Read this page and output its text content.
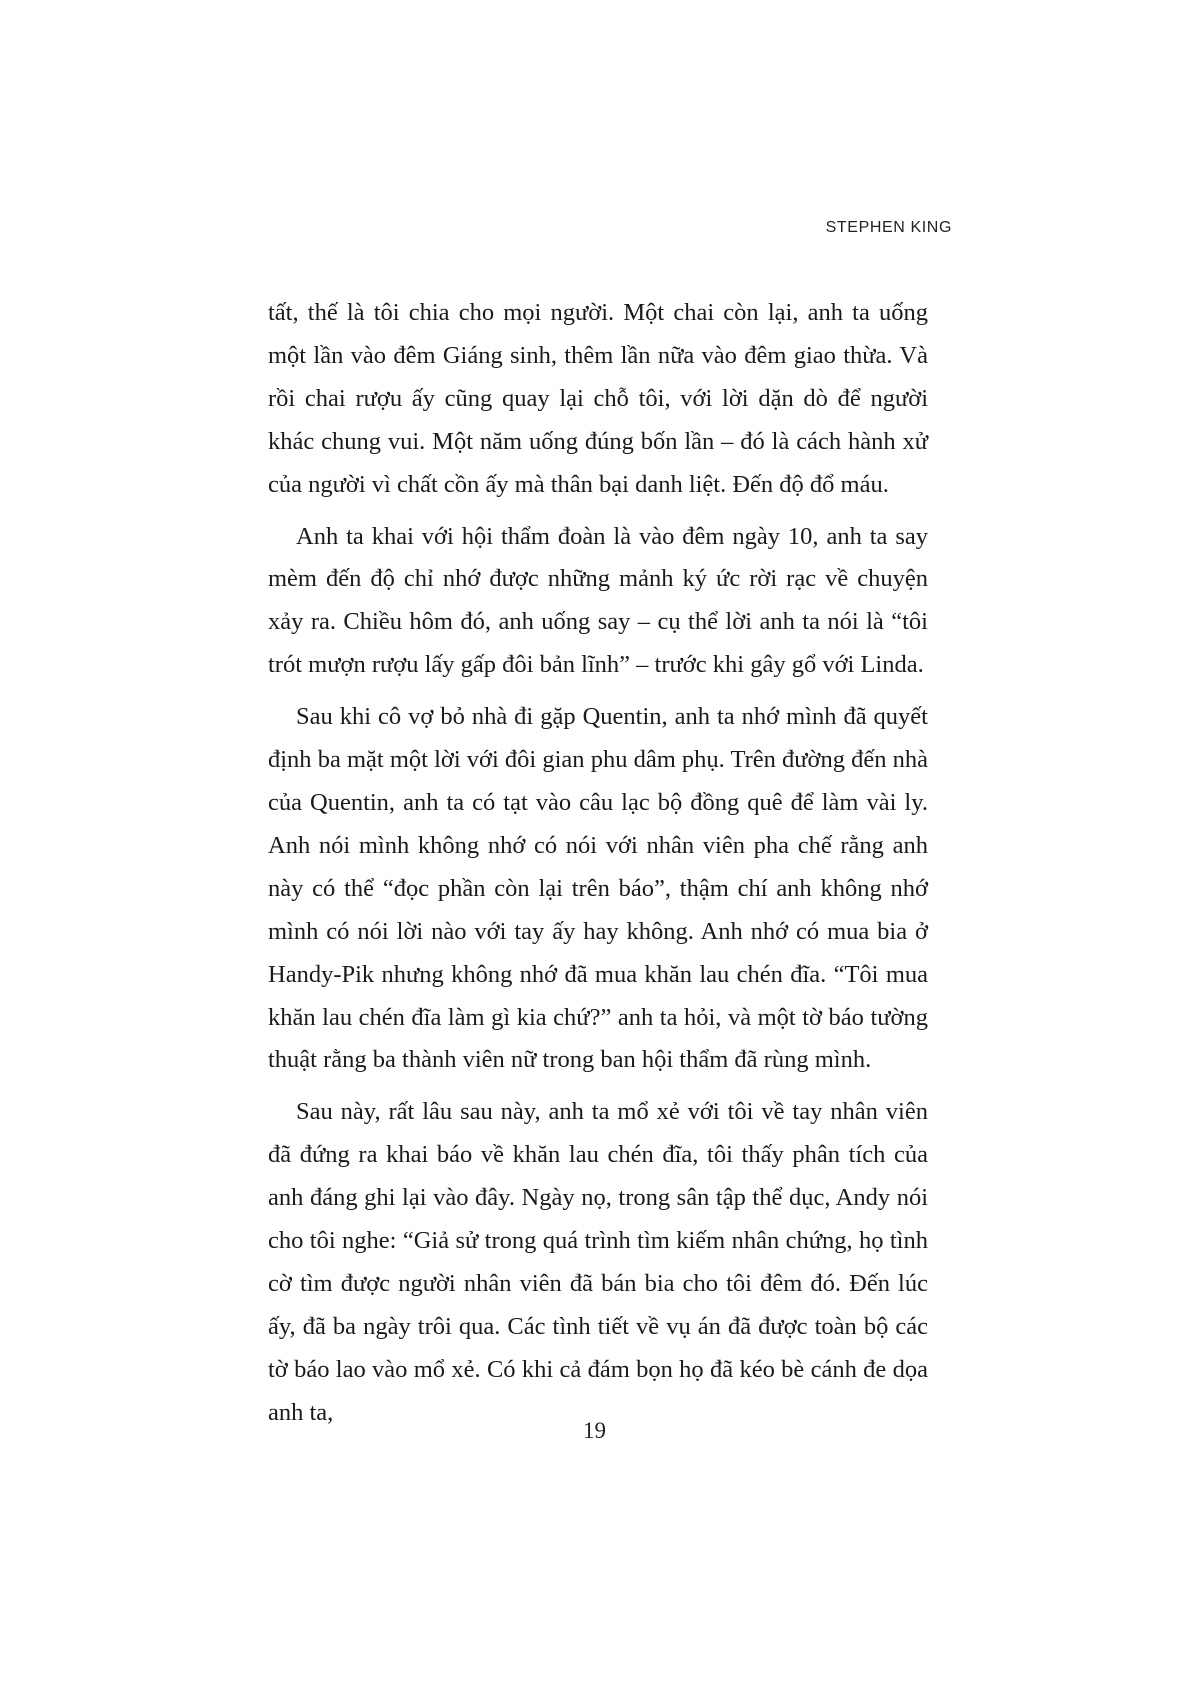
STEPHEN KING

tất, thế là tôi chia cho mọi người. Một chai còn lại, anh ta uống một lần vào đêm Giáng sinh, thêm lần nữa vào đêm giao thừa. Và rồi chai rượu ấy cũng quay lại chỗ tôi, với lời dặn dò để người khác chung vui. Một năm uống đúng bốn lần – đó là cách hành xử của người vì chất cồn ấy mà thân bại danh liệt. Đến độ đổ máu.

Anh ta khai với hội thẩm đoàn là vào đêm ngày 10, anh ta say mèm đến độ chỉ nhớ được những mảnh ký ức rời rạc về chuyện xảy ra. Chiều hôm đó, anh uống say – cụ thể lời anh ta nói là “tôi trót mượn rượu lấy gấp đôi bản lĩnh” – trước khi gây gổ với Linda.

Sau khi cô vợ bỏ nhà đi gặp Quentin, anh ta nhớ mình đã quyết định ba mặt một lời với đôi gian phu dâm phụ. Trên đường đến nhà của Quentin, anh ta có tạt vào câu lạc bộ đồng quê để làm vài ly. Anh nói mình không nhớ có nói với nhân viên pha chế rằng anh này có thể “đọc phần còn lại trên báo”, thậm chí anh không nhớ mình có nói lời nào với tay ấy hay không. Anh nhớ có mua bia ở Handy-Pik nhưng không nhớ đã mua khăn lau chén đĩa. “Tôi mua khăn lau chén đĩa làm gì kia chứ?” anh ta hỏi, và một tờ báo tường thuật rằng ba thành viên nữ trong ban hội thẩm đã rùng mình.

Sau này, rất lâu sau này, anh ta mổ xẻ với tôi về tay nhân viên đã đứng ra khai báo về khăn lau chén đĩa, tôi thấy phân tích của anh đáng ghi lại vào đây. Ngày nọ, trong sân tập thể dục, Andy nói cho tôi nghe: “Giả sử trong quá trình tìm kiếm nhân chứng, họ tình cờ tìm được người nhân viên đã bán bia cho tôi đêm đó. Đến lúc ấy, đã ba ngày trôi qua. Các tình tiết về vụ án đã được toàn bộ các tờ báo lao vào mổ xẻ. Có khi cả đám bọn họ đã kéo bè cánh đe dọa anh ta,

19
